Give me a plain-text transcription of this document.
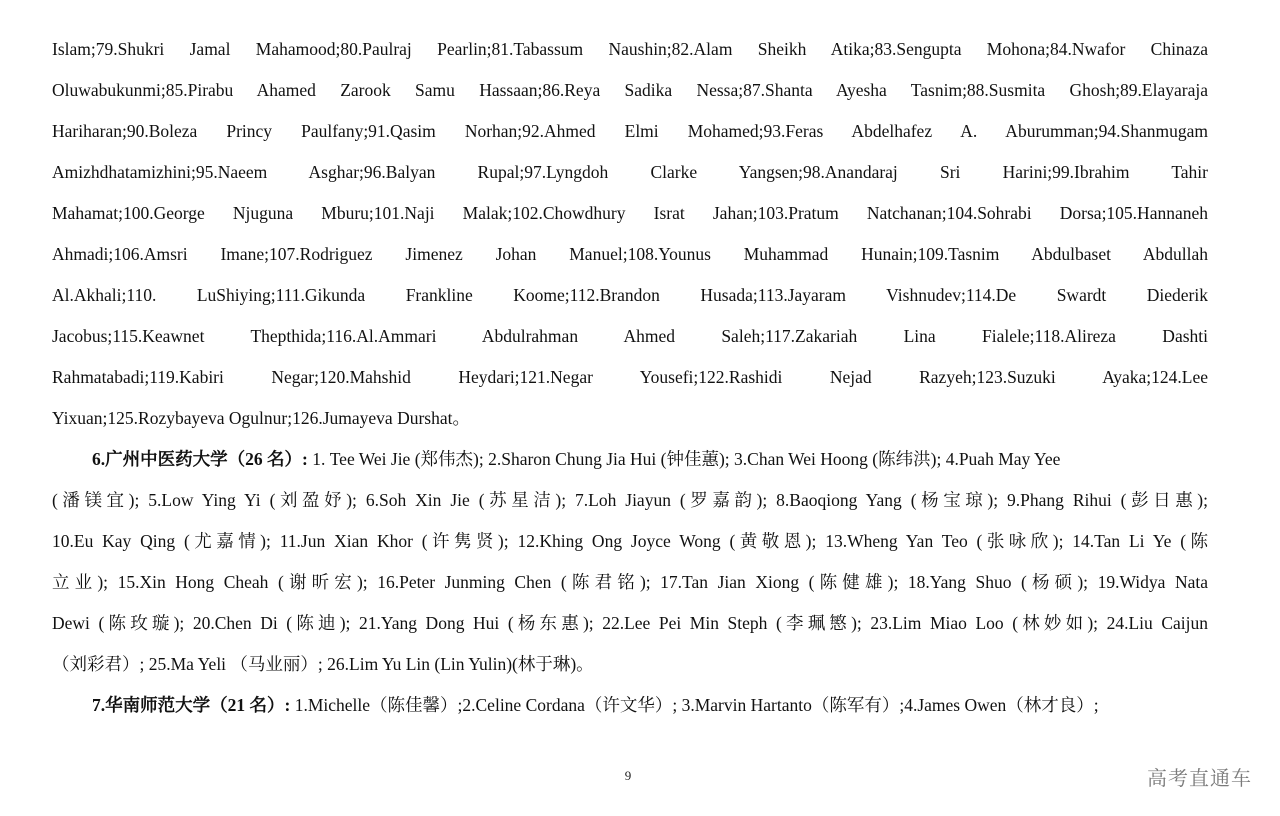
Islam;79.Shukri Jamal Mahamood;80.Paulraj Pearlin;81.Tabassum Naushin;82.Alam Sheikh Atika;83.Sengupta Mohona;84.Nwafor Chinaza
Oluwabukunmi;85.Pirabu Ahamed Zarook Samu Hassaan;86.Reya Sadika Nessa;87.Shanta Ayesha Tasnim;88.Susmita Ghosh;89.Elayaraja
Hariharan;90.Boleza Princy Paulfany;91.Qasim Norhan;92.Ahmed Elmi Mohamed;93.Feras Abdelhafez A. Aburumman;94.Shanmugam
Amizhdhatamizhini;95.Naeem Asghar;96.Balyan Rupal;97.Lyngdoh Clarke Yangsen;98.Anandaraj Sri Harini;99.Ibrahim Tahir
Mahamat;100.George Njuguna Mburu;101.Naji Malak;102.Chowdhury Israt Jahan;103.Pratum Natchanan;104.Sohrabi Dorsa;105.Hannaneh
Ahmadi;106.Amsri Imane;107.Rodriguez Jimenez Johan Manuel;108.Younus Muhammad Hunain;109.Tasnim Abdulbaset Abdullah
Al.Akhali;110. LuShiying;111.Gikunda Frankline Koome;112.Brandon Husada;113.Jayaram Vishnudev;114.De Swardt Diederik
Jacobus;115.Keawnet Thepthida;116.Al.Ammari Abdulrahman Ahmed Saleh;117.Zakariah Lina Fialele;118.Alireza Dashti
Rahmatabadi;119.Kabiri Negar;120.Mahshid Heydari;121.Negar Yousefi;122.Rashidi Nejad Razyeh;123.Suzuki Ayaka;124.Lee
Yixuan;125.Rozybayeva Ogulnur;126.Jumayeva Durshat。
6.广州中医药大学（26 名）: 1. Tee Wei Jie (郑伟杰); 2.Sharon Chung Jia Hui (钟佳蕙); 3.Chan Wei Hoong (陈纬洪); 4.Puah May Yee
(潘镁宜); 5.Low Ying Yi (刘盈妤); 6.Soh Xin Jie (苏星洁); 7.Loh Jiayun (罗嘉韵); 8.Baoqiong Yang (杨宝琼); 9.Phang Rihui (彭日惠);
10.Eu Kay Qing (尤嘉情); 11.Jun Xian Khor (许隽贤); 12.Khing Ong Joyce Wong (黄敬恩); 13.Wheng Yan Teo (张咏欣); 14.Tan Li Ye (陈
立业); 15.Xin Hong Cheah (谢昕宏); 16.Peter Junming Chen (陈君铭); 17.Tan Jian Xiong (陈健雄); 18.Yang Shuo (杨硕); 19.Widya Nata
Dewi (陈玫璇); 20.Chen Di (陈迪); 21.Yang Dong Hui (杨东惠); 22.Lee Pei Min Steph (李珮慜); 23.Lim Miao Loo (林妙如); 24.Liu Caijun
（刘彩君）; 25.Ma Yeli （马业丽）; 26.Lim Yu Lin (Lin Yulin)(林于琳)。
7.华南师范大学（21 名）: 1.Michelle（陈佳馨）;2.Celine Cordana（许文华）; 3.Marvin Hartanto（陈军有）;4.James Owen（林才良）;
9	高考直通车
